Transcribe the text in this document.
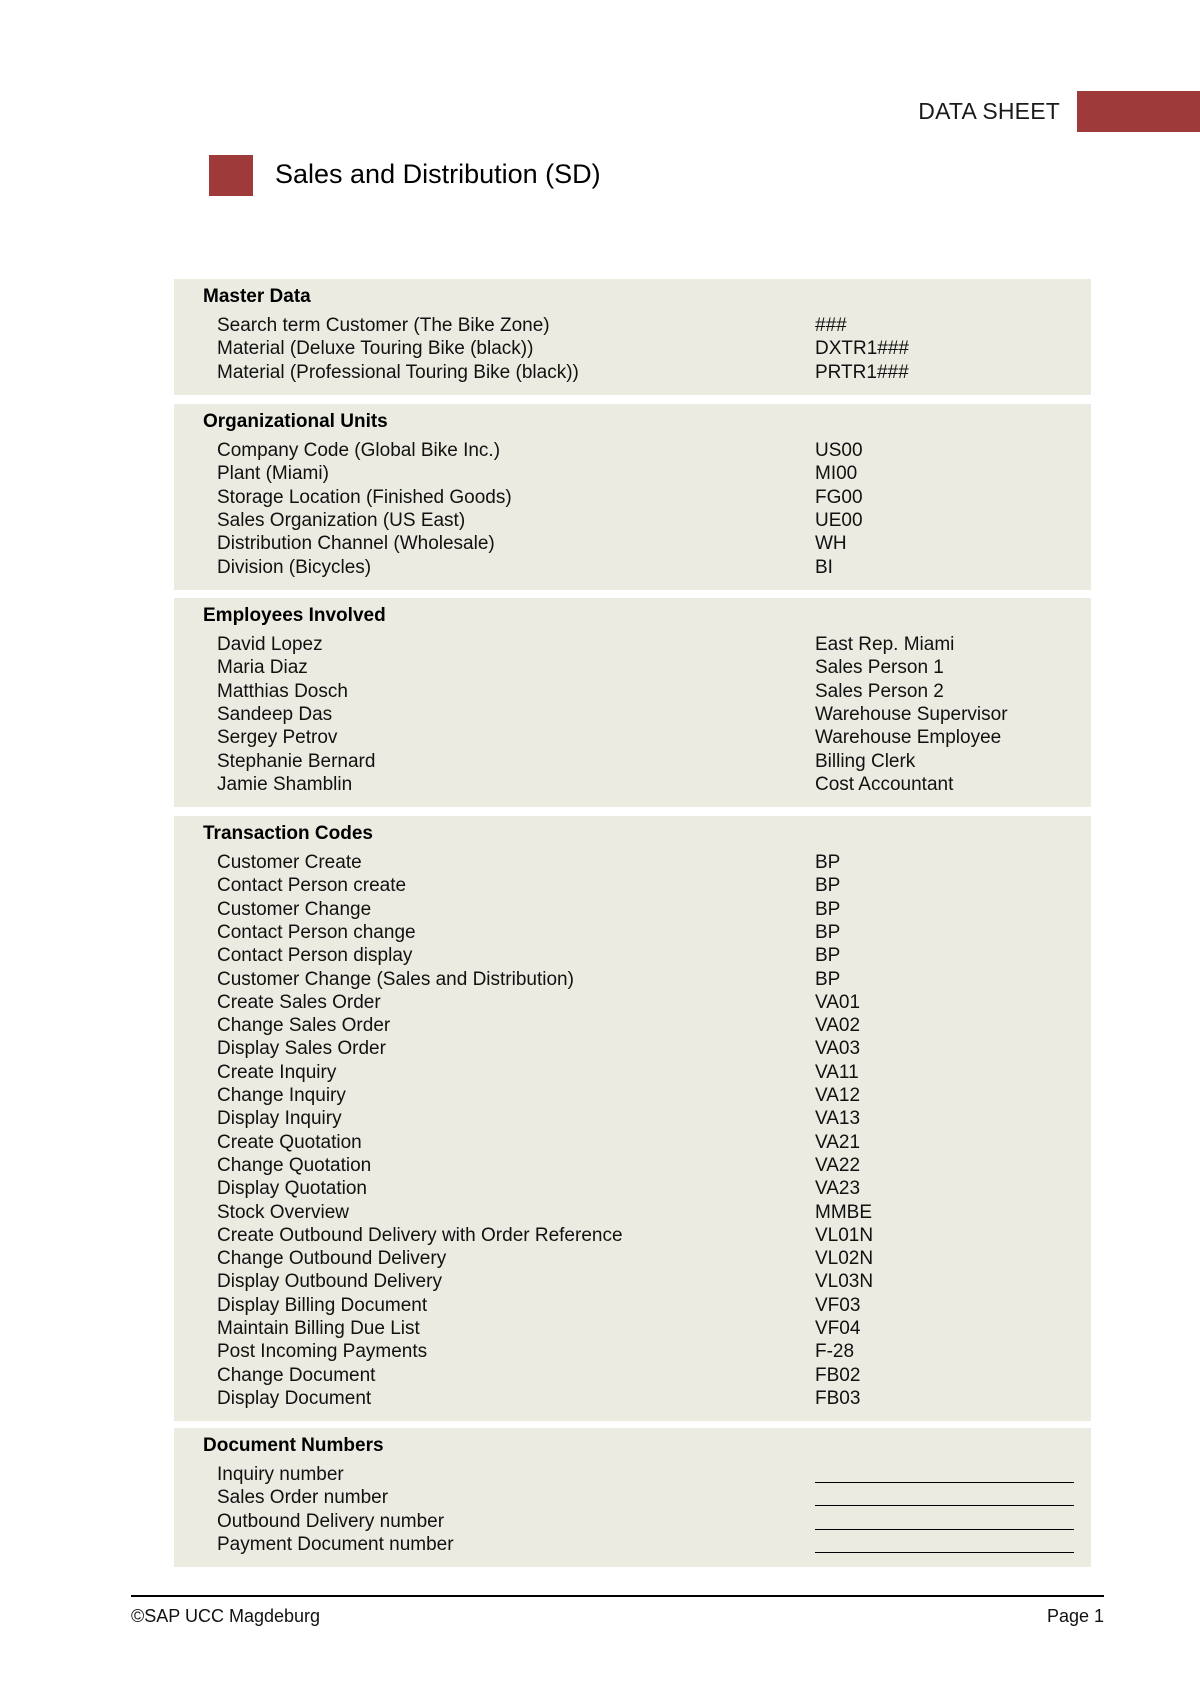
DATA SHEET
Sales and Distribution (SD)
Master Data
Search term Customer (The Bike Zone)	###
Material (Deluxe Touring Bike (black))	DXTR1###
Material (Professional Touring Bike (black))	PRTR1###
Organizational Units
Company Code (Global Bike Inc.)	US00
Plant (Miami)	MI00
Storage Location (Finished Goods)	FG00
Sales Organization (US East)	UE00
Distribution Channel (Wholesale)	WH
Division (Bicycles)	BI
Employees Involved
David Lopez	East Rep. Miami
Maria Diaz	Sales Person 1
Matthias Dosch	Sales Person 2
Sandeep Das	Warehouse Supervisor
Sergey Petrov	Warehouse Employee
Stephanie Bernard	Billing Clerk
Jamie Shamblin	Cost Accountant
Transaction Codes
Customer Create	BP
Contact Person create	BP
Customer Change	BP
Contact Person change	BP
Contact Person display	BP
Customer Change (Sales and Distribution)	BP
Create Sales Order	VA01
Change Sales Order	VA02
Display Sales Order	VA03
Create Inquiry	VA11
Change Inquiry	VA12
Display Inquiry	VA13
Create Quotation	VA21
Change Quotation	VA22
Display Quotation	VA23
Stock Overview	MMBE
Create Outbound Delivery with Order Reference	VL01N
Change Outbound Delivery	VL02N
Display Outbound Delivery	VL03N
Display Billing Document	VF03
Maintain Billing Due List	VF04
Post Incoming Payments	F-28
Change Document	FB02
Display Document	FB03
Document Numbers
Inquiry number
Sales Order number
Outbound Delivery number
Payment Document number
©SAP UCC Magdeburg	Page 1
